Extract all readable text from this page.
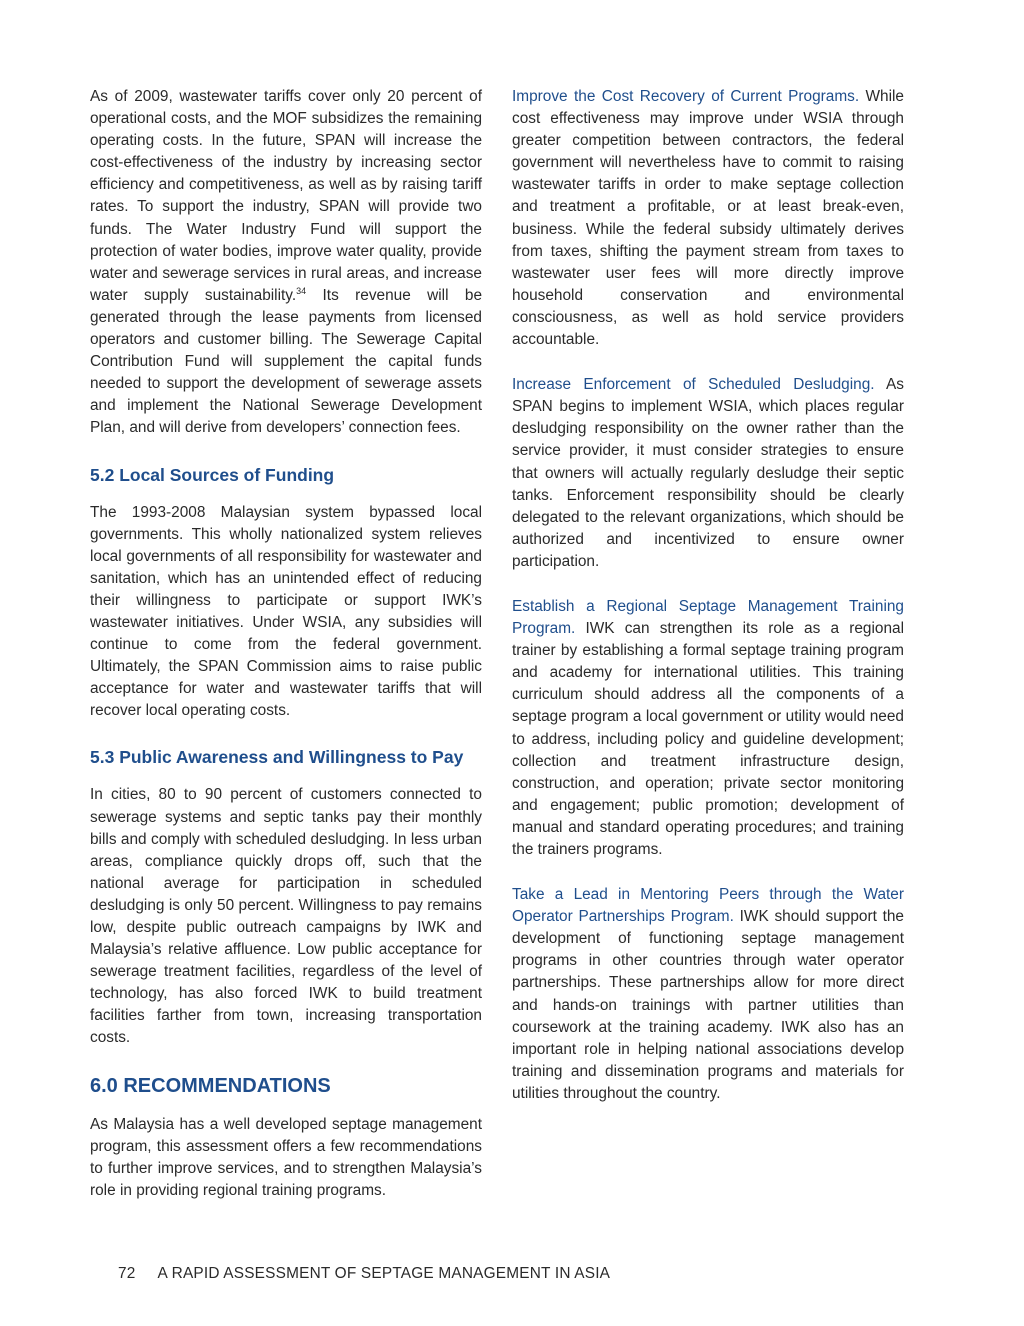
As of 2009, wastewater tariffs cover only 20 percent of operational costs, and the MOF subsidizes the remaining operating costs. In the future, SPAN will increase the cost-effectiveness of the industry by increasing sector efficiency and competitiveness, as well as by raising tariff rates. To support the industry, SPAN will provide two funds. The Water Industry Fund will support the protection of water bodies, improve water quality, provide water and sewerage services in rural areas, and increase water supply sustainability.$^{34}$ Its revenue will be generated through the lease payments from licensed operators and customer billing. The Sewerage Capital Contribution Fund will supplement the capital funds needed to support the development of sewerage assets and implement the National Sewerage Development Plan, and will derive from developers’ connection fees.

5.2 Local Sources of Funding

The 1993-2008 Malaysian system bypassed local governments. This wholly nationalized system relieves local governments of all responsibility for wastewater and sanitation, which has an unintended effect of reducing their willingness to participate or support IWK’s wastewater initiatives. Under WSIA, any subsidies will continue to come from the federal government. Ultimately, the SPAN Commission aims to raise public acceptance for water and wastewater tariffs that will recover local operating costs.

5.3 Public Awareness and Willingness to Pay

In cities, 80 to 90 percent of customers connected to sewerage systems and septic tanks pay their monthly bills and comply with scheduled desludging. In less urban areas, compliance quickly drops off, such that the national average for participation in scheduled desludging is only 50 percent. Willingness to pay remains low, despite public outreach campaigns by IWK and Malaysia’s relative affluence. Low public acceptance for sewerage treatment facilities, regardless of the level of technology, has also forced IWK to build treatment facilities farther from town, increasing transportation costs.

6.0 RECOMMENDATIONS

As Malaysia has a well developed septage management program, this assessment offers a few recommendations to further improve services, and to strengthen Malaysia’s role in providing regional training programs.

Improve the Cost Recovery of Current Programs. While cost effectiveness may improve under WSIA through greater competition between contractors, the federal government will nevertheless have to commit to raising wastewater tariffs in order to make septage collection and treatment a profitable, or at least break-even, business. While the federal subsidy ultimately derives from taxes, shifting the payment stream from taxes to wastewater user fees will more directly improve household conservation and environmental consciousness, as well as hold service providers accountable.

Increase Enforcement of Scheduled Desludging. As SPAN begins to implement WSIA, which places regular desludging responsibility on the owner rather than the service provider, it must consider strategies to ensure that owners will actually regularly desludge their septic tanks. Enforcement responsibility should be clearly delegated to the relevant organizations, which should be authorized and incentivized to ensure owner participation.

Establish a Regional Septage Management Training Program. IWK can strengthen its role as a regional trainer by establishing a formal septage training program and academy for international utilities. This training curriculum should address all the components of a septage program a local government or utility would need to address, including policy and guideline development; collection and treatment infrastructure design, construction, and operation; private sector monitoring and engagement; public promotion; development of manual and standard operating procedures; and training the trainers programs.

Take a Lead in Mentoring Peers through the Water Operator Partnerships Program. IWK should support the development of functioning septage management programs in other countries through water operator partnerships. These partnerships allow for more direct and hands-on trainings with partner utilities than coursework at the training academy. IWK also has an important role in helping national associations develop training and dissemination programs and materials for utilities throughout the country.

72 A RAPID ASSESSMENT OF SEPTAGE MANAGEMENT IN ASIA
